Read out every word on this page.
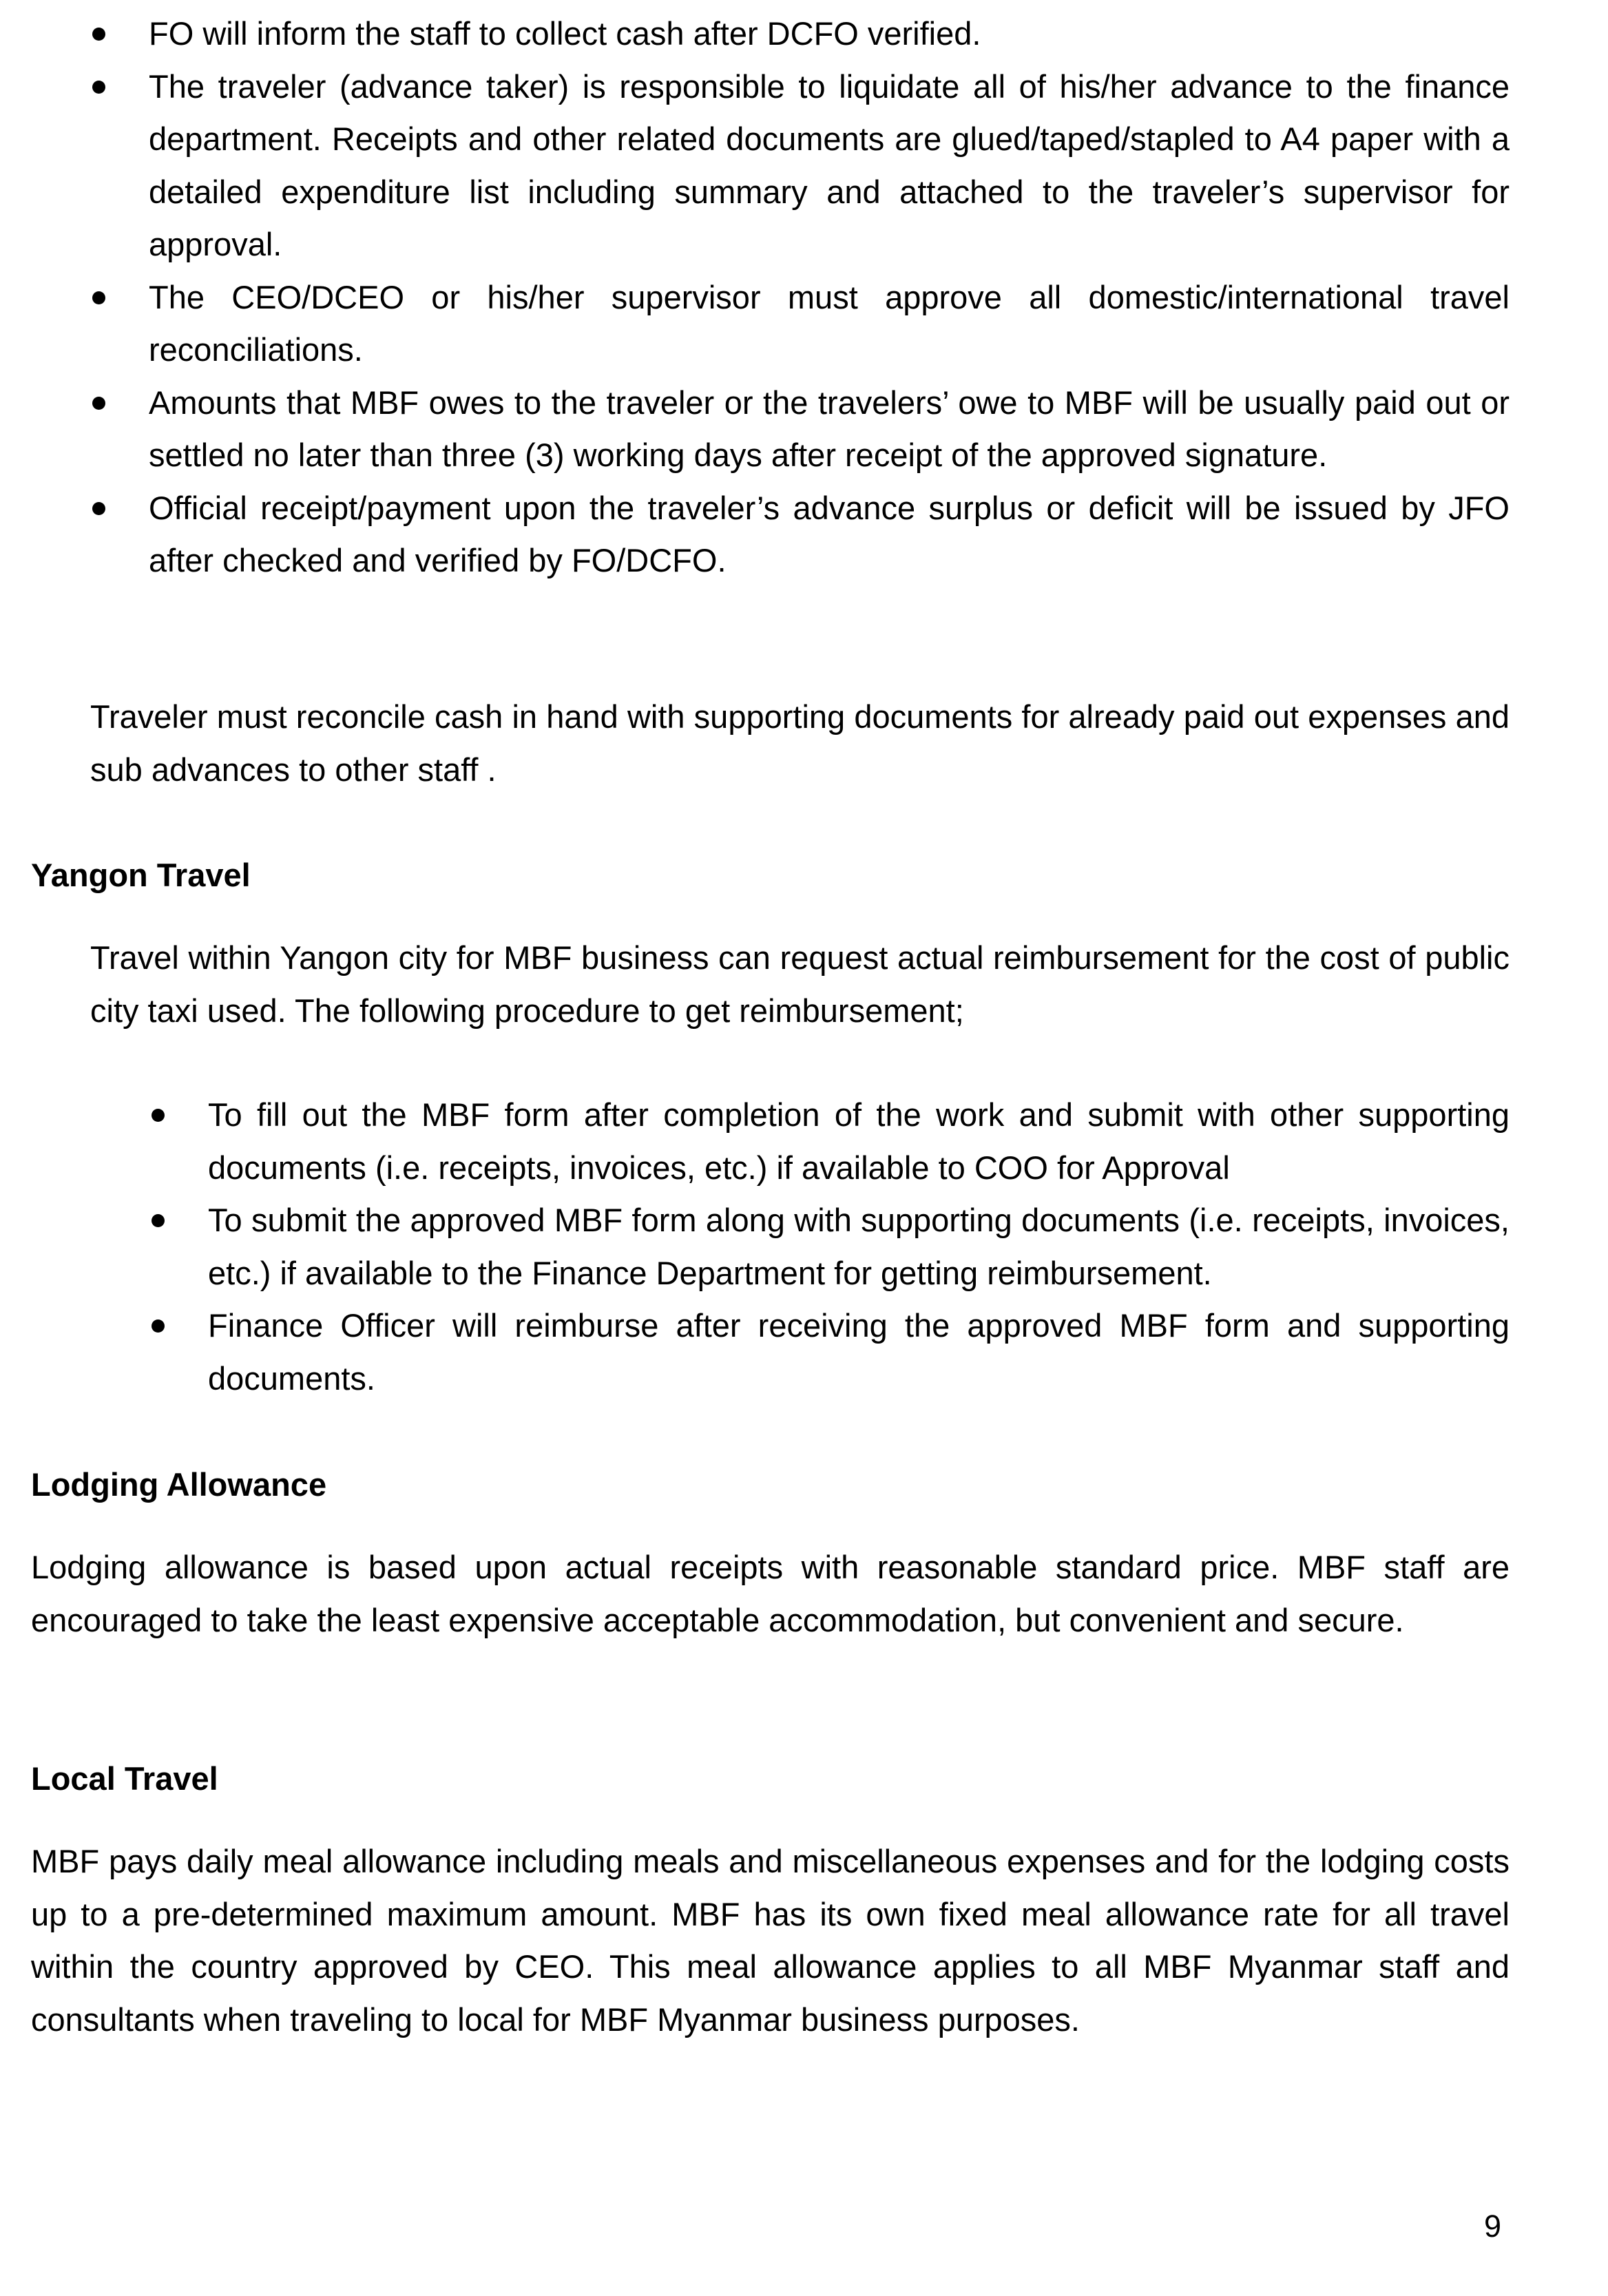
FO will inform the staff to collect cash after DCFO verified.
The traveler (advance taker) is responsible to liquidate all of his/her advance to the finance department. Receipts and other related documents are glued/taped/stapled to A4 paper with a detailed expenditure list including summary and attached to the traveler’s supervisor for approval.
The CEO/DCEO or his/her supervisor must approve all domestic/international travel reconciliations.
Amounts that MBF owes to the traveler or the travelers’ owe to MBF will be usually paid out or settled no later than three (3) working days after receipt of the approved signature.
Official receipt/payment upon the traveler’s advance surplus or deficit will be issued by JFO after checked and verified by FO/DCFO.

Traveler must reconcile cash in hand with supporting documents for already paid out expenses and sub advances to other staff .

Yangon Travel

Travel within Yangon city for MBF business can request actual reimbursement for the cost of public city taxi used. The following procedure to get reimbursement;

To fill out the MBF form after completion of the work and submit with other supporting documents (i.e. receipts, invoices, etc.) if available to COO for Approval
To submit the approved MBF form along with supporting documents (i.e. receipts, invoices, etc.) if available to the Finance Department for getting reimbursement.
Finance Officer will reimburse after receiving the approved MBF form and supporting documents.
Lodging Allowance

Lodging allowance is based upon actual receipts with reasonable standard price. MBF staff are encouraged to take the least expensive acceptable accommodation, but convenient and secure.

Local Travel

MBF pays daily meal allowance including meals and miscellaneous expenses and for the lodging costs up to a pre-determined maximum amount. MBF has its own fixed meal allowance rate for all travel within the country approved by CEO. This meal allowance applies to all MBF Myanmar staff and consultants when traveling to local for MBF Myanmar business purposes.

9
